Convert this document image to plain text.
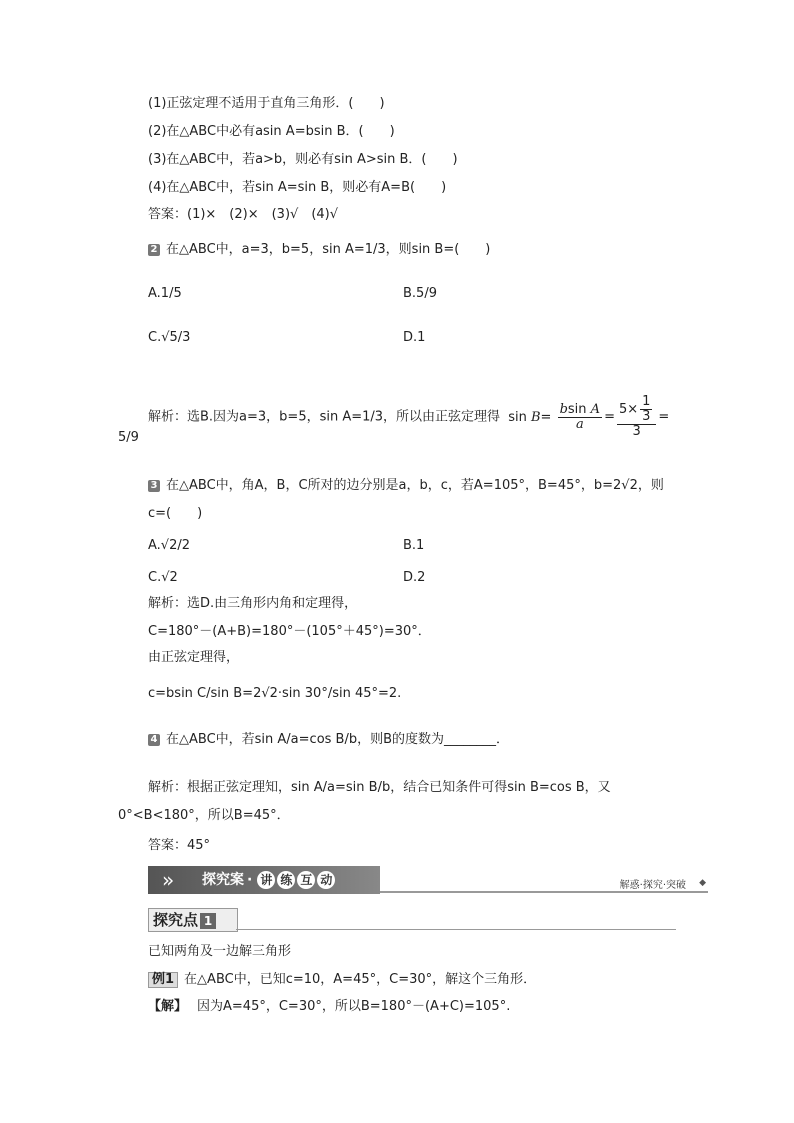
(1)正弦定理不适用于直角三角形．(　　)
(2)在△ABC中必有asin A=bsin B．(　　)
(3)在△ABC中，若a>b，则必有sin A>sin B．(　　)
(4)在△ABC中，若sin A=sin B，则必有A=B(　　)
答案：(1)×　(2)×　(3)√　(4)√
2 在△ABC中，a=3，b=5，sin A=1/3，则sin B=(　　)
A.1/5	B.5/9
C.√5/3	D.1
解析：选B.因为a=3，b=5，sin A=1/3，所以由正弦定理得 $\sin B= \frac{\text{bsin A}}{a} = \frac{5\times \frac{1}{3}}{3}$ =
5/9
3 在△ABC中，角A，B，C所对的边分别是a，b，c，若A=105°，B=45°，b=2√2，则c=(　　)
A.√2/2	B.1
C.√2	D.2
解析：选D.由三角形内角和定理得，
C=180°－(A+B)=180°－(105°＋45°)=30°．
由正弦定理得，
c=bsin C/sin B=2√2·sin 30°/sin 45°=2.
4 在△ABC中，若sin A/a=cos B/b，则B的度数为________．
解析：根据正弦定理知，sin A/a=sin B/b，结合已知条件可得sin B=cos B，又0°<B<180°，所以B=45°．
答案：45°
» 探究案 · 讲 练 互 动	解惑·探究·突破 ◆
探究点 1
已知两角及一边解三角形
例1 在△ABC中，已知c=10，A=45°，C=30°，解这个三角形．
【解】 因为A=45°，C=30°，所以B=180°－(A+C)=105°.
